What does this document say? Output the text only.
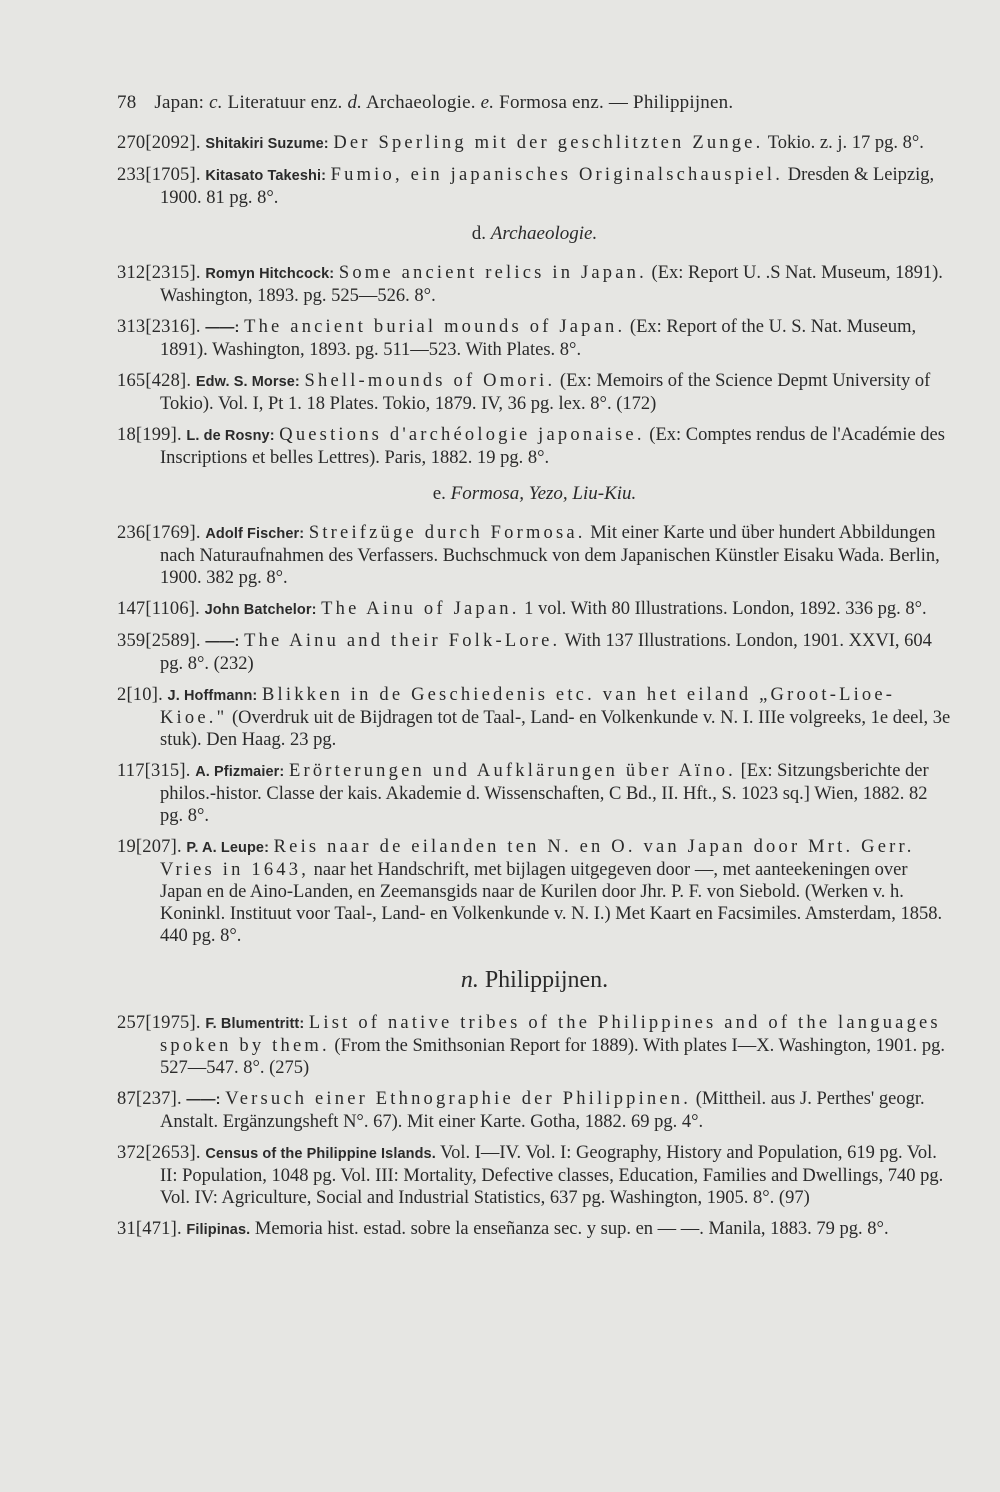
78 Japan: c. Literatuur enz. d. Archaeologie. e. Formosa enz. — Philippijnen.
270[2092]. Shitakiri Suzume: Der Sperling mit der geschlitzten Zunge. Tokio. z. j. 17 pg. 8°.
233[1705]. Kitasato Takeshi: Fumio, ein japanisches Originalschauspiel. Dresden & Leipzig, 1900. 81 pg. 8°.
d. Archaeologie.
312[2315]. Romyn Hitchcock: Some ancient relics in Japan. (Ex: Report U. .S Nat. Museum, 1891). Washington, 1893. pg. 525—526. 8°.
313[2316]. ——: The ancient burial mounds of Japan. (Ex: Report of the U. S. Nat. Museum, 1891). Washington, 1893. pg. 511—523. With Plates. 8°.
165[428]. Edw. S. Morse: Shell-mounds of Omori. (Ex: Memoirs of the Science Depmt University of Tokio). Vol. I, Pt 1. 18 Plates. Tokio, 1879. IV, 36 pg. lex. 8°. (172)
18[199]. L. de Rosny: Questions d'archéologie japonaise. (Ex: Comptes rendus de l'Académie des Inscriptions et belles Lettres). Paris, 1882. 19 pg. 8°.
e. Formosa, Yezo, Liu-Kiu.
236[1769]. Adolf Fischer: Streifzüge durch Formosa. Mit einer Karte und über hundert Abbildungen nach Naturaufnahmen des Verfassers. Buchschmuck von dem Japanischen Künstler Eisaku Wada. Berlin, 1900. 382 pg. 8°.
147[1106]. John Batchelor: The Ainu of Japan. 1 vol. With 80 Illustrations. London, 1892. 336 pg. 8°.
359[2589]. ——: The Ainu and their Folk-Lore. With 137 Illustrations. London, 1901. XXVI, 604 pg. 8°. (232)
2[10]. J. Hoffmann: Blikken in de Geschiedenis etc. van het eiland „Groot-Lioe-Kioe." (Overdruk uit de Bijdragen tot de Taal-, Land- en Volkenkunde v. N. I. IIIe volgreeks, 1e deel, 3e stuk). Den Haag. 23 pg.
117[315]. A. Pfizmaier: Erörterungen und Aufklärungen über Aïno. [Ex: Sitzungsberichte der philos.-histor. Classe der kais. Akademie d. Wissenschaften, C Bd., II. Hft., S. 1023 sq.] Wien, 1882. 82 pg. 8°.
19[207]. P. A. Leupe: Reis naar de eilanden ten N. en O. van Japan door Mrt. Gerr. Vries in 1643, naar het Handschrift, met bijlagen uitgegeven door —, met aanteekeningen over Japan en de Aino-Landen, en Zeemansgids naar de Kurilen door Jhr. P. F. von Siebold. (Werken v. h. Koninkl. Instituut voor Taal-, Land- en Volkenkunde v. N. I.) Met Kaart en Facsimiles. Amsterdam, 1858. 440 pg. 8°.
n. Philippijnen.
257[1975]. F. Blumentritt: List of native tribes of the Philippines and of the languages spoken by them. (From the Smithsonian Report for 1889). With plates I—X. Washington, 1901. pg. 527—547. 8°. (275)
87[237]. ——: Versuch einer Ethnographie der Philippinen. (Mittheil. aus J. Perthes' geogr. Anstalt. Ergänzungsheft N°. 67). Mit einer Karte. Gotha, 1882. 69 pg. 4°.
372[2653]. Census of the Philippine Islands. Vol. I—IV. Vol. I: Geography, History and Population, 619 pg. Vol. II: Population, 1048 pg. Vol. III: Mortality, Defective classes, Education, Families and Dwellings, 740 pg. Vol. IV: Agriculture, Social and Industrial Statistics, 637 pg. Washington, 1905. 8°. (97)
31[471]. Filipinas. Memoria hist. estad. sobre la enseñanza sec. y sup. en — —. Manila, 1883. 79 pg. 8°.
